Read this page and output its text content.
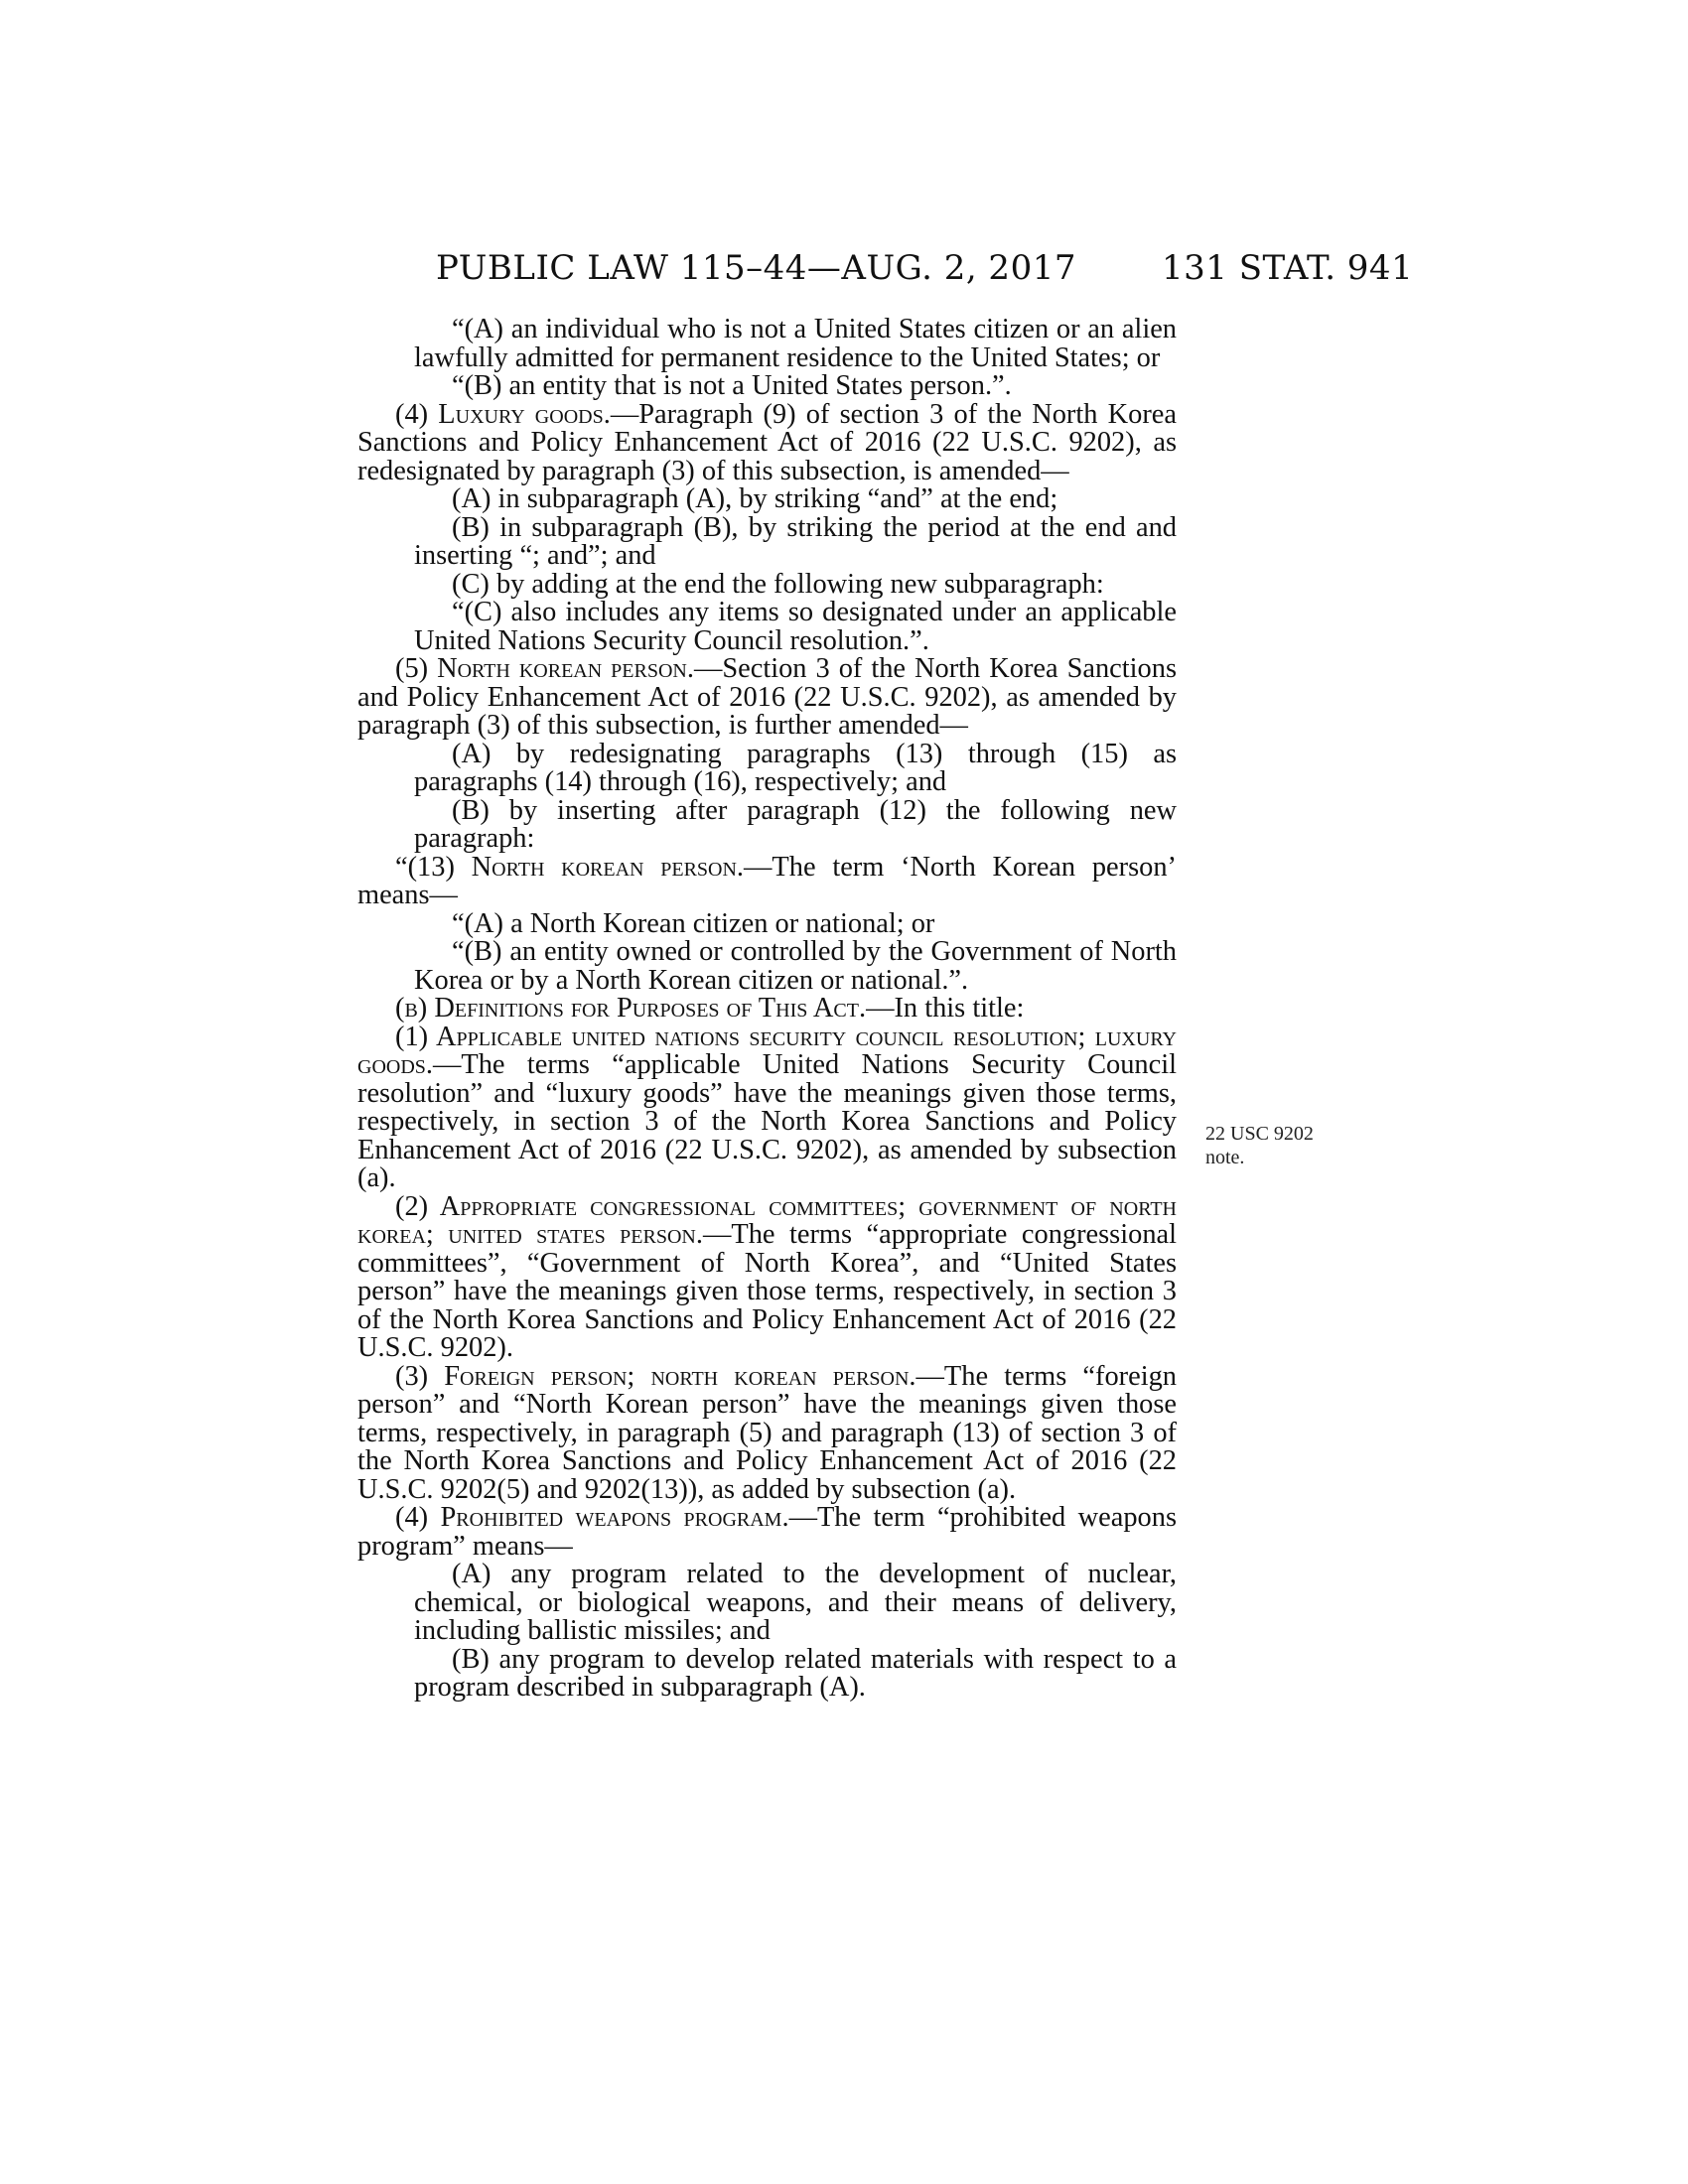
PUBLIC LAW 115–44—AUG. 2, 2017	131 STAT. 941

“(A) an individual who is not a United States citizen or an alien lawfully admitted for permanent residence to the United States; or

“(B) an entity that is not a United States person.”.

(4) Luxury goods.—Paragraph (9) of section 3 of the North Korea Sanctions and Policy Enhancement Act of 2016 (22 U.S.C. 9202), as redesignated by paragraph (3) of this subsection, is amended—

(A) in subparagraph (A), by striking “and” at the end;

(B) in subparagraph (B), by striking the period at the end and inserting “; and”; and

(C) by adding at the end the following new subparagraph:

“(C) also includes any items so designated under an applicable United Nations Security Council resolution.”.

(5) North korean person.—Section 3 of the North Korea Sanctions and Policy Enhancement Act of 2016 (22 U.S.C. 9202), as amended by paragraph (3) of this subsection, is further amended—

(A) by redesignating paragraphs (13) through (15) as paragraphs (14) through (16), respectively; and

(B) by inserting after paragraph (12) the following new paragraph:

“(13) North korean person.—The term ‘North Korean person’ means—

“(A) a North Korean citizen or national; or

“(B) an entity owned or controlled by the Government of North Korea or by a North Korean citizen or national.”.

(b) Definitions for Purposes of This Act.—In this title:

(1) Applicable united nations security council resolution; luxury goods.—The terms “applicable United Nations Security Council resolution” and “luxury goods” have the meanings given those terms, respectively, in section 3 of the North Korea Sanctions and Policy Enhancement Act of 2016 (22 U.S.C. 9202), as amended by subsection (a).

(2) Appropriate congressional committees; government of north korea; united states person.—The terms “appropriate congressional committees”, “Government of North Korea”, and “United States person” have the meanings given those terms, respectively, in section 3 of the North Korea Sanctions and Policy Enhancement Act of 2016 (22 U.S.C. 9202).

(3) Foreign person; north korean person.—The terms “foreign person” and “North Korean person” have the meanings given those terms, respectively, in paragraph (5) and paragraph (13) of section 3 of the North Korea Sanctions and Policy Enhancement Act of 2016 (22 U.S.C. 9202(5) and 9202(13)), as added by subsection (a).

(4) Prohibited weapons program.—The term “prohibited weapons program” means—

(A) any program related to the development of nuclear, chemical, or biological weapons, and their means of delivery, including ballistic missiles; and

(B) any program to develop related materials with respect to a program described in subparagraph (A).

22 USC 9202
note.
